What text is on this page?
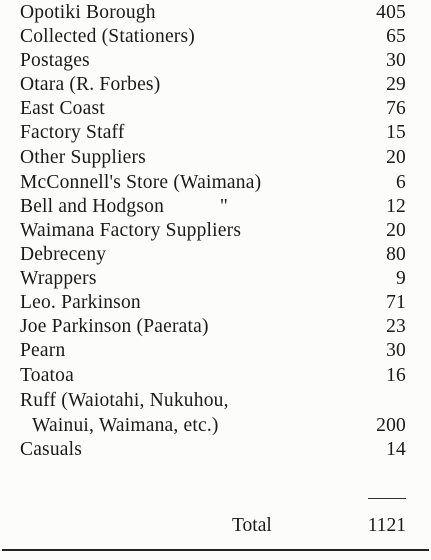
Opotiki Borough	405
Collected (Stationers)	65
Postages	30
Otara (R. Forbes)	29
East Coast	76
Factory Staff	15
Other Suppliers	20
McConnell's Store (Waimana)	6
Bell and Hodgson           "	12
Waimana Factory Suppliers	20
Debreceny	80
Wrappers	9
Leo. Parkinson	71
Joe Parkinson (Paerata)	23
Pearn	30
Toatoa	16
Ruff (Waiotahi, Nukuhou,
Wainui, Waimana, etc.)	200
Casuals	14
Total	1121
